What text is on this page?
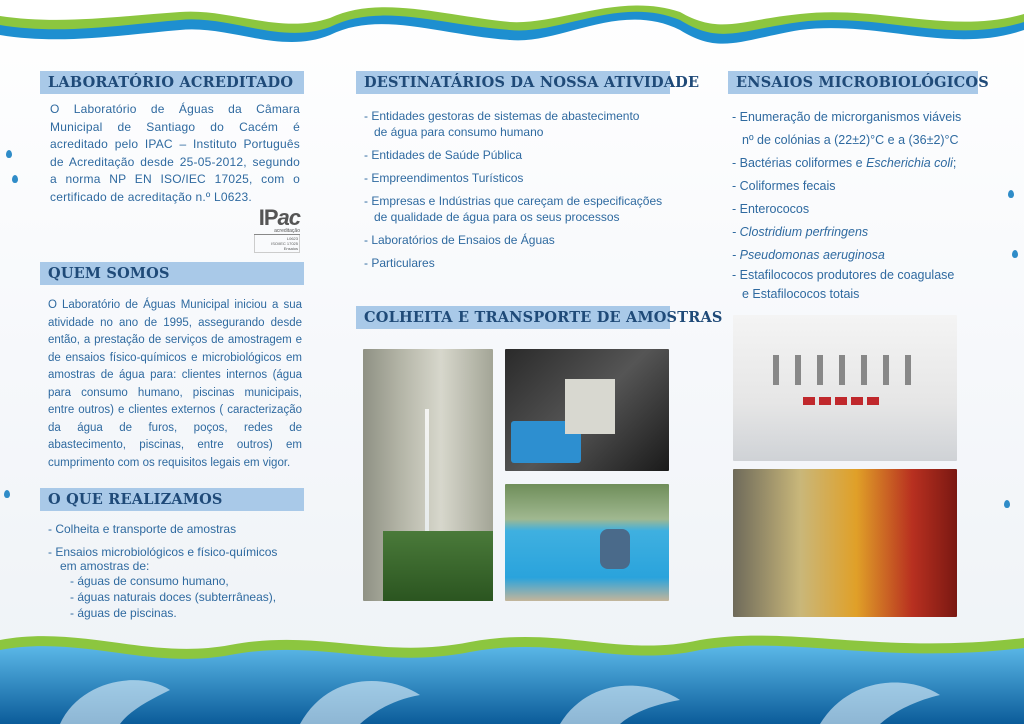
LABORATÓRIO ACREDITADO

O Laboratório de Águas da Câmara Municipal de Santiago do Cacém é acreditado pelo IPAC – Instituto Português de Acreditação desde 25-05-2012, segundo a norma NP EN ISO/IEC 17025, com o certificado de acreditação n.º L0623.

IPac
acreditação
L0623
ISO/IEC 17025
Ensaios
QUEM SOMOS

O Laboratório de Águas Municipal iniciou a sua atividade no ano de 1995, assegurando desde então, a prestação de serviços de amostragem e de ensaios físico-químicos e microbiológicos em amostras de água para: clientes internos (água para consumo humano, piscinas municipais, entre outros) e clientes externos ( caracterização da água de furos, poços, redes de abastecimento, piscinas, entre outros) em cumprimento com os requisitos legais em vigor.

O QUE REALIZAMOS
- Colheita e transporte de amostras
- Ensaios microbiológicos e físico-químicos
em amostras de:
- águas de consumo humano,
- águas naturais doces (subterrâneas),
- águas de piscinas.
DESTINATÁRIOS DA NOSSA ATIVIDADE
- Entidades gestoras de sistemas de abastecimento
de água para consumo humano
- Entidades de Saúde Pública
- Empreendimentos Turísticos
- Empresas e Indústrias que careçam de especificações
de qualidade de água para os seus processos
- Laboratórios de Ensaios de Águas
- Particulares
COLHEITA E TRANSPORTE DE AMOSTRAS
ENSAIOS MICROBIOLÓGICOS
- Enumeração de microrganismos viáveis
nº de colónias a (22±2)°C e a (36±2)°C
- Bactérias coliformes e Escherichia coli;
- Coliformes fecais
- Enterococos
- Clostridium perfringens
- Pseudomonas aeruginosa
- Estafilococos produtores de coagulase
e Estafilococos totais
